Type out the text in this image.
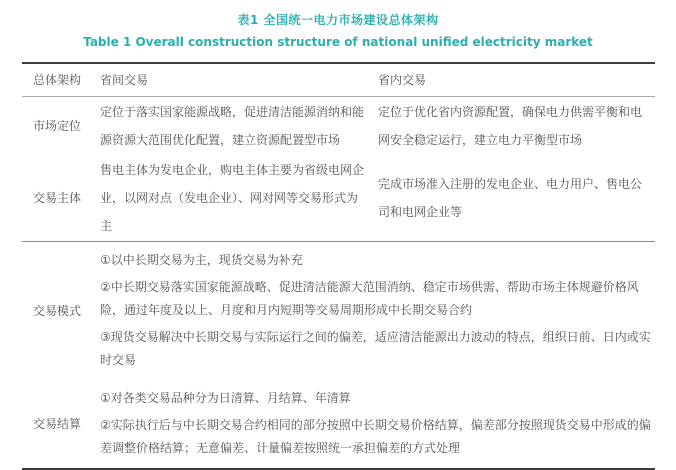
表1 全国统一电力市场建设总体架构
Table 1 Overall construction structure of national unified electricity market
总体架构	省间交易	省内交易
市场定位
定位于落实国家能源战略，促进清洁能源消纳和能源资源大范围优化配置，建立资源配置型市场
定位于优化省内资源配置，确保电力供需平衡和电网安全稳定运行，建立电力平衡型市场
交易主体
售电主体为发电企业，购电主体主要为省级电网企业，以网对点（发电企业）、网对网等交易形式为主
完成市场准入注册的发电企业、电力用户、售电公司和电网企业等
交易模式

①以中长期交易为主，现货交易为补充

②中长期交易落实国家能源战略、促进清洁能源大范围消纳、稳定市场供需、帮助市场主体规避价格风险，通过年度及以上、月度和月内短期等交易周期形成中长期交易合约

③现货交易解决中长期交易与实际运行之间的偏差，适应清洁能源出力波动的特点，组织日前、日内或实时交易

交易结算

①对各类交易品种分为日清算、月结算、年清算

②实际执行后与中长期交易合约相同的部分按照中长期交易价格结算，偏差部分按照现货交易中形成的偏差调整价格结算；无意偏差、计量偏差按照统一承担偏差的方式处理
